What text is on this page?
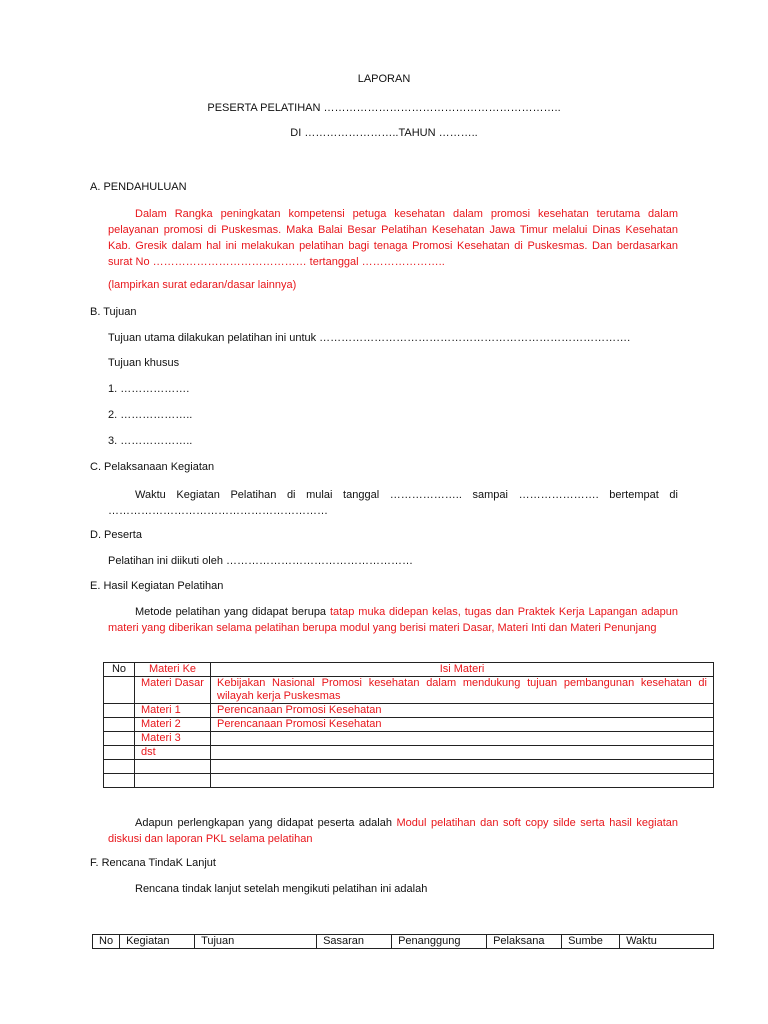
LAPORAN
PESERTA PELATIHAN ………………………………………………………..
DI ……………………..TAHUN ………..
A. PENDAHULUAN
Dalam Rangka peningkatan kompetensi petuga kesehatan dalam promosi kesehatan terutama dalam pelayanan promosi di Puskesmas. Maka Balai Besar Pelatihan Kesehatan Jawa Timur melalui Dinas Kesehatan Kab. Gresik dalam hal ini melakukan pelatihan bagi tenaga Promosi Kesehatan di Puskesmas. Dan berdasarkan surat No …………………………………… tertanggal …………………..
(lampirkan surat edaran/dasar lainnya)
B. Tujuan
Tujuan utama dilakukan pelatihan ini untuk ………………………………………………………………………….
Tujuan khusus
1. ……………….
2. ………………..
3. ………………..
C. Pelaksanaan Kegiatan
Waktu Kegiatan Pelatihan di mulai tanggal ……………….. sampai …………………. bertempat di ……………………………………………………
D. Peserta
Pelatihan ini diikuti oleh ……………………………………………
E. Hasil Kegiatan Pelatihan
Metode pelatihan yang didapat berupa tatap muka didepan kelas, tugas dan Praktek Kerja Lapangan adapun materi yang diberikan selama pelatihan berupa modul yang berisi materi Dasar, Materi Inti dan Materi Penunjang
No	Materi Ke	Isi Materi
	Materi Dasar	Kebijakan Nasional Promosi kesehatan dalam mendukung tujuan pembangunan kesehatan di wilayah kerja Puskesmas
	Materi 1	Perencanaan Promosi Kesehatan
	Materi 2	Perencanaan Promosi Kesehatan
	Materi 3	
	dst	

Adapun perlengkapan yang didapat peserta adalah Modul pelatihan dan soft copy silde serta hasil kegiatan diskusi dan laporan PKL selama pelatihan
F. Rencana TindaK Lanjut
Rencana tindak lanjut setelah mengikuti pelatihan ini adalah
No	Kegiatan	Tujuan	Sasaran	Penanggung	Pelaksana	Sumbe	Waktu
